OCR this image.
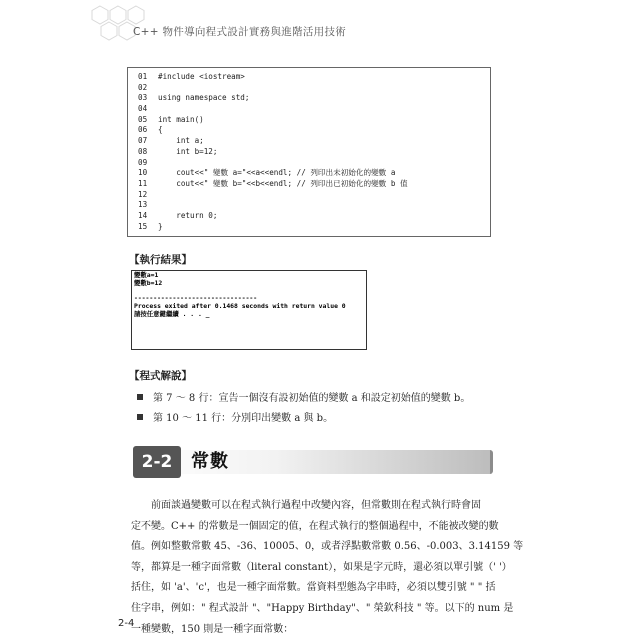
C++ 物件導向程式設計實務與進階活用技術
01 #include <iostream>
02
03 using namespace std;
04
05 int main()
06 {
07    int a;
08    int b=12;
09
10    cout<<" 變數 a="<<a<<endl; // 列印出未初始化的變數 a
11    cout<<" 變數 b="<<b<<endl; // 列印出已初始化的變數 b 值
12
13
14    return 0;
15 }
【執行結果】
變數a=1
變數b=12
--------------------------------
Process exited after 0.1468 seconds with return value 0
請按任意鍵繼續 . . . _
【程式解說】
第 7 ～ 8 行：宣告一個沒有設初始值的變數 a 和設定初始值的變數 b。
第 10 ～ 11 行：分別印出變數 a 與 b。
2-2	常數
　　前面談過變數可以在程式執行過程中改變內容，但常數則在程式執行時會固
定不變。C++ 的常數是一個固定的值，在程式執行的整個過程中，不能被改變的數
值。例如整數常數 45、-36、10005、0，或者浮點數常數 0.56、-0.003、3.14159 等
等，都算是一種字面常數（literal constant），如果是字元時，還必須以單引號（' '）
括住，如 'a'、'c'，也是一種字面常數。當資料型態為字串時，必須以雙引號 " " 括
住字串，例如：" 程式設計 "、"Happy Birthday"、" 榮欽科技 " 等。以下的 num 是
一種變數，150 則是一種字面常數：
2-4
